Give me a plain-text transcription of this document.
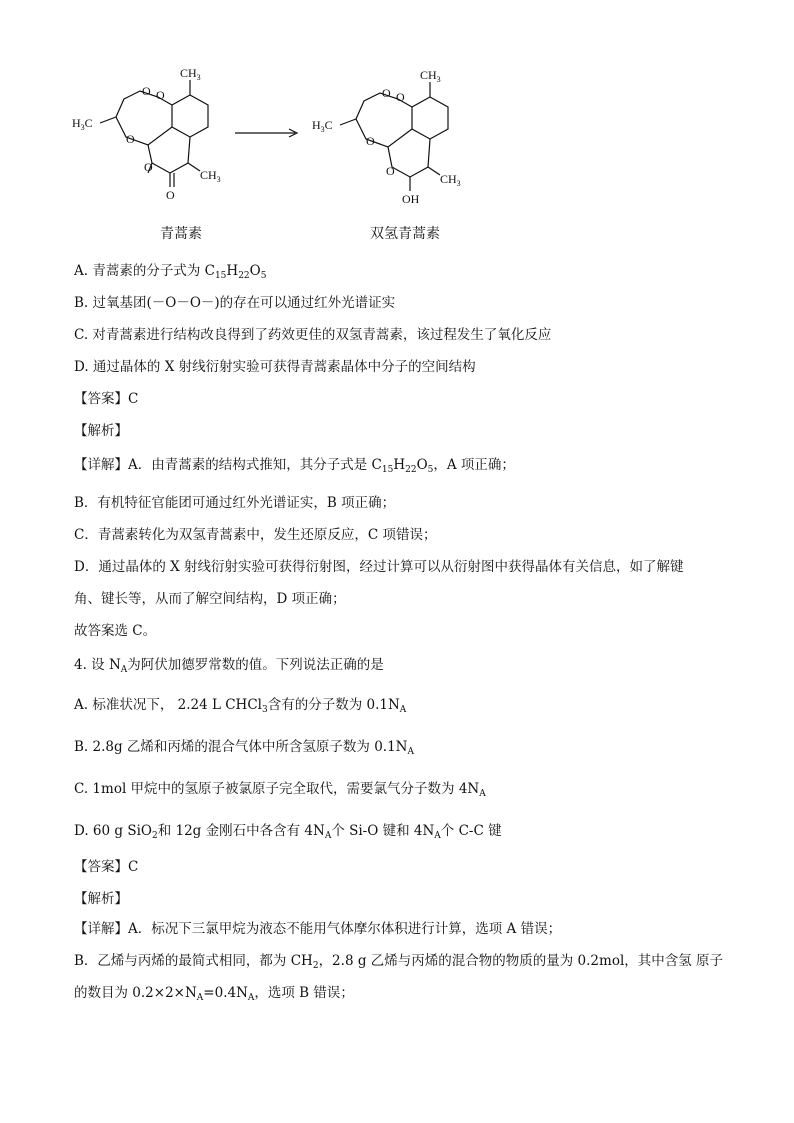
$CH_3$
$H_3C$
O O
O
O
O
$CH_3$
$CH_3$
$H_3C$
O O
O
O
OH
$CH_3$
青蒿素	双氢青蒿素
A. 青蒿素的分子式为 $C_{15}H_{22}O_5$
B. 过氧基团(－O－O－)的存在可以通过红外光谱证实
C. 对青蒿素进行结构改良得到了药效更佳的双氢青蒿素，该过程发生了氧化反应
D. 通过晶体的 X 射线衍射实验可获得青蒿素晶体中分子的空间结构
【答案】C
【解析】
【详解】A．由青蒿素的结构式推知，其分子式是 $C_{15}H_{22}O_5$，A 项正确；
B．有机特征官能团可通过红外光谱证实，B 项正确；
C．青蒿素转化为双氢青蒿素中，发生还原反应，C 项错误；
D．通过晶体的 X 射线衍射实验可获得衍射图，经过计算可以从衍射图中获得晶体有关信息，如了解键
角、键长等，从而了解空间结构，D 项正确；
故答案选 C。
4. 设 $N_A$为阿伏加德罗常数的值。下列说法正确的是
A. 标准状况下， 2.24 L CHCl$_3$含有的分子数为 $0.1N_A$
B. 2.8g 乙烯和丙烯的混合气体中所含氢原子数为 $0.1N_A$
C. 1mol 甲烷中的氢原子被氯原子完全取代，需要氯气分子数为 $4N_A$
D. 60 g SiO$_2$和 12g 金刚石中各含有 $4N_A$个 Si-O 键和 $4N_A$个 C-C 键
【答案】C
【解析】
【详解】A．标况下三氯甲烷为液态不能用气体摩尔体积进行计算，选项 A 错误；
B．乙烯与丙烯的最简式相同，都为 $CH_2$，2.8 g 乙烯与丙烯的混合物的物质的量为 0.2mol，其中含氢 原子
的数目为 $0.2\times 2\times N_A=0.4N_A$，选项 B 错误；
